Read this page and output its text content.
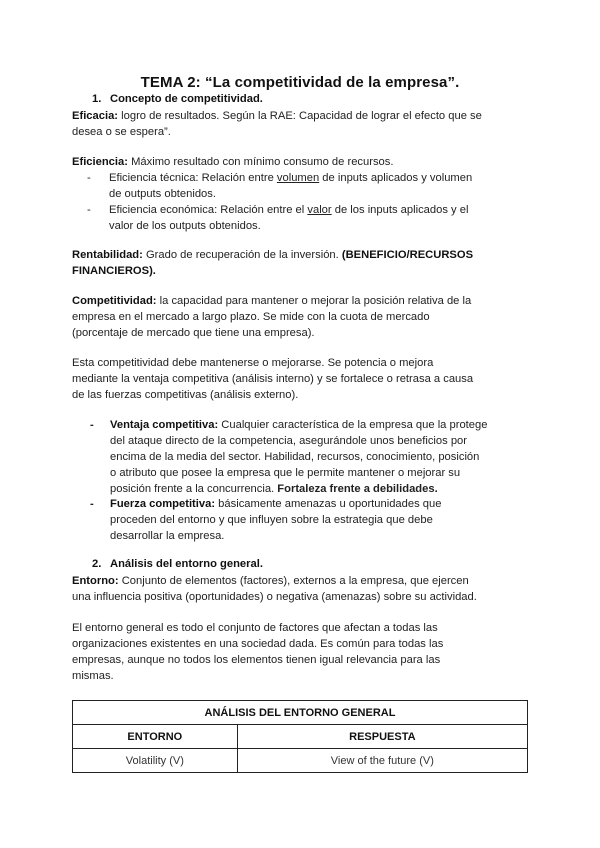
TEMA 2: “La competitividad de la empresa”.
1. Concepto de competitividad.
Eficacia: logro de resultados. Según la RAE: Capacidad de lograr el efecto que se
desea o se espera”.
Eficiencia: Máximo resultado con mínimo consumo de recursos.
- Eficiencia técnica: Relación entre volumen de inputs aplicados y volumen
de outputs obtenidos.
- Eficiencia económica: Relación entre el valor de los inputs aplicados y el
valor de los outputs obtenidos.
Rentabilidad: Grado de recuperación de la inversión. (BENEFICIO/RECURSOS
FINANCIEROS).
Competitividad: la capacidad para mantener o mejorar la posición relativa de la
empresa en el mercado a largo plazo. Se mide con la cuota de mercado
(porcentaje de mercado que tiene una empresa).
Esta competitividad debe mantenerse o mejorarse. Se potencia o mejora
mediante la ventaja competitiva (análisis interno) y se fortalece o retrasa a causa
de las fuerzas competitivas (análisis externo).
- Ventaja competitiva: Cualquier característica de la empresa que la protege
del ataque directo de la competencia, asegurándole unos beneficios por
encima de la media del sector. Habilidad, recursos, conocimiento, posición
o atributo que posee la empresa que le permite mantener o mejorar su
posición frente a la concurrencia. Fortaleza frente a debilidades.
- Fuerza competitiva: básicamente amenazas u oportunidades que
proceden del entorno y que influyen sobre la estrategia que debe
desarrollar la empresa.
2. Análisis del entorno general.
Entorno: Conjunto de elementos (factores), externos a la empresa, que ejercen
una influencia positiva (oportunidades) o negativa (amenazas) sobre su actividad.
El entorno general es todo el conjunto de factores que afectan a todas las
organizaciones existentes en una sociedad dada. Es común para todas las
empresas, aunque no todos los elementos tienen igual relevancia para las
mismas.
ANÁLISIS DEL ENTORNO GENERAL	
ENTORNO	RESPUESTA
Volatility (V)	View of the future (V)
